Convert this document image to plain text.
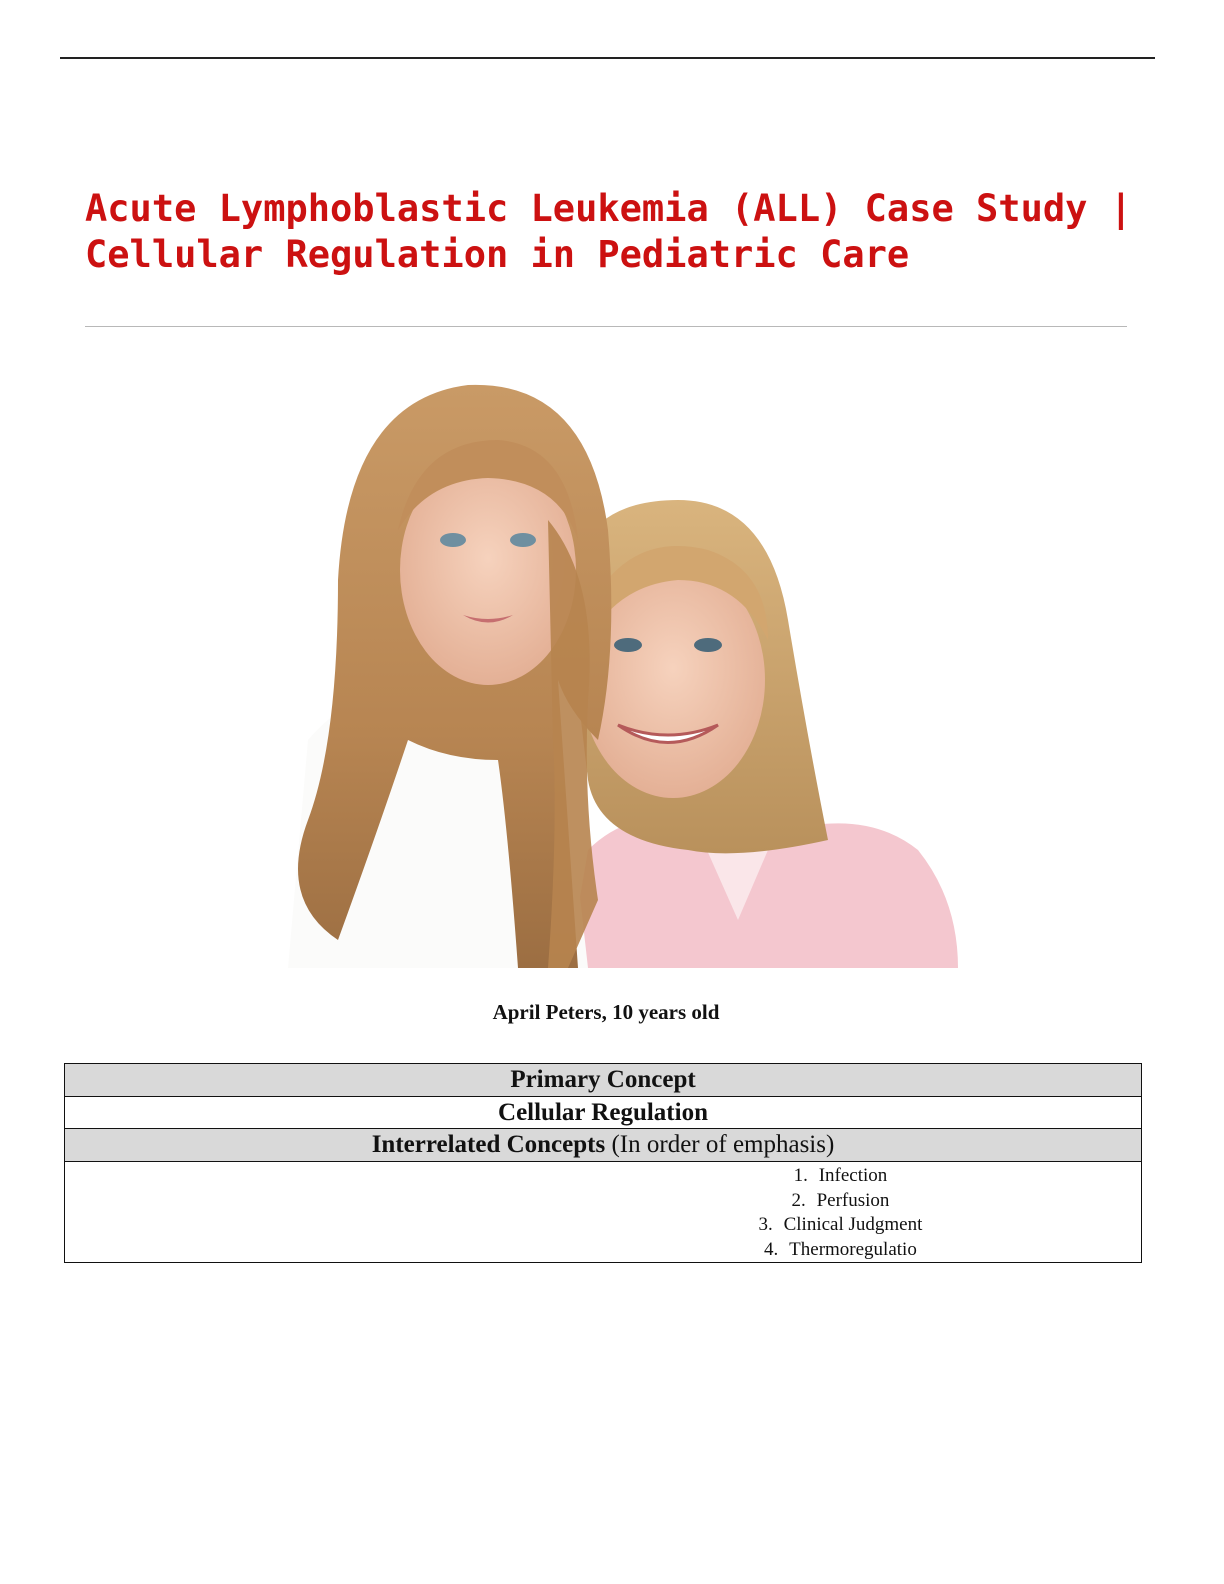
Acute Lymphoblastic Leukemia (ALL) Case Study |
Cellular Regulation in Pediatric Care
April Peters, 10 years old
Primary Concept
Cellular Regulation
Interrelated Concepts (In order of emphasis)

1. Infection
2. Perfusion
3. Clinical Judgment
4. Thermoregulatio
